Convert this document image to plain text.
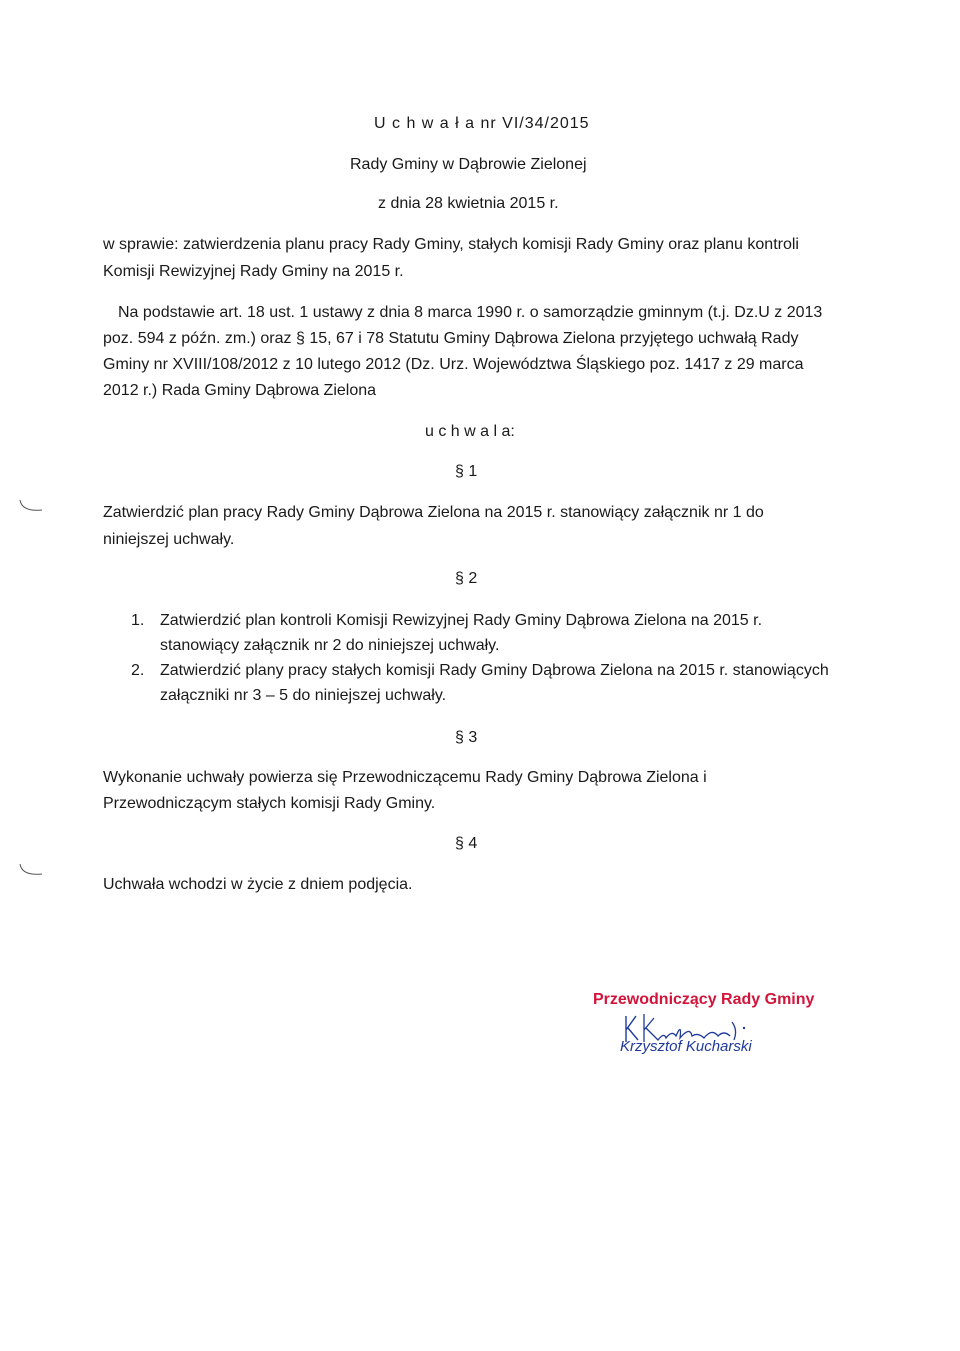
U c h w a ł a nr VI/34/2015
Rady Gminy w Dąbrowie Zielonej
z dnia 28 kwietnia 2015 r.
w sprawie: zatwierdzenia planu pracy Rady Gminy, stałych komisji Rady Gminy oraz planu kontroli
Komisji Rewizyjnej Rady Gminy na 2015 r.
Na podstawie art. 18 ust. 1 ustawy z dnia 8 marca 1990 r. o samorządzie gminnym (t.j. Dz.U z 2013
poz. 594 z późn. zm.) oraz § 15, 67 i 78 Statutu Gminy Dąbrowa Zielona przyjętego uchwałą Rady
Gminy nr XVIII/108/2012 z 10 lutego 2012 (Dz. Urz. Województwa Śląskiego poz. 1417 z 29 marca
2012 r.) Rada Gminy Dąbrowa Zielona
u c h w a l a:
§ 1
Zatwierdzić plan pracy Rady Gminy Dąbrowa Zielona na 2015 r. stanowiący załącznik nr 1 do
niniejszej uchwały.
§ 2
1. Zatwierdzić plan kontroli Komisji Rewizyjnej Rady Gminy Dąbrowa Zielona na 2015 r.
stanowiący załącznik nr 2 do niniejszej uchwały.
2. Zatwierdzić plany pracy stałych komisji Rady Gminy Dąbrowa Zielona na 2015 r. stanowiących
załączniki nr 3 – 5 do niniejszej uchwały.
§ 3
Wykonanie uchwały powierza się Przewodniczącemu Rady Gminy Dąbrowa Zielona i
Przewodniczącym stałych komisji Rady Gminy.
§ 4
Uchwała wchodzi w życie z dniem podjęcia.
Przewodniczący Rady Gminy
Krzysztof Kucharski
